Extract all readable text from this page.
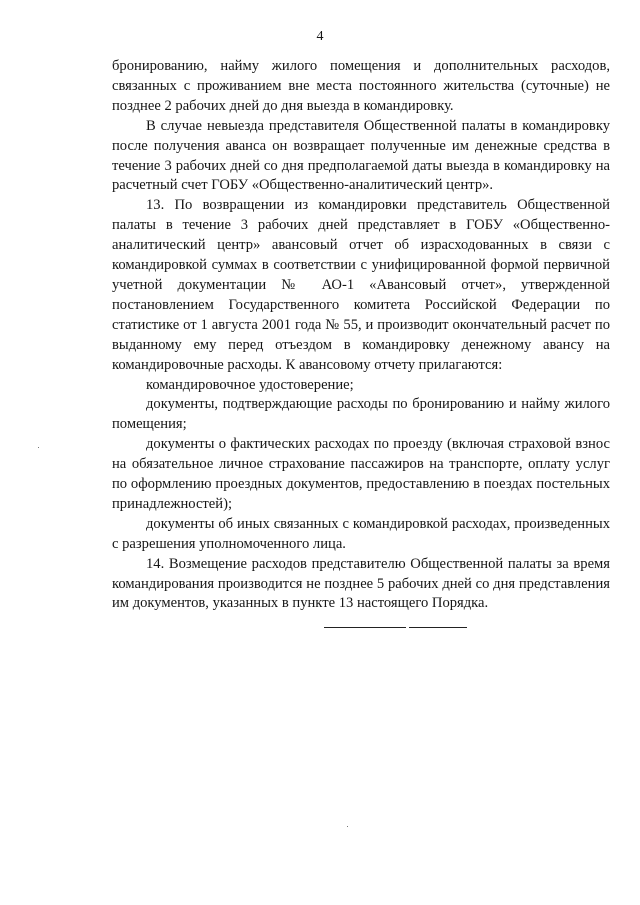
4

бронированию, найму жилого помещения и дополнительных расходов, связанных с проживанием вне места постоянного жительства (суточные) не позднее 2 рабочих дней до дня выезда в командировку.

В случае невыезда представителя Общественной палаты в командировку после получения аванса он возвращает полученные им денежные средства в течение 3 рабочих дней со дня предполагаемой даты выезда в командировку на расчетный счет ГОБУ «Общественно-аналитический центр».

13. По возвращении из командировки представитель Общественной палаты в течение 3 рабочих дней представляет в ГОБУ «Общественно-аналитический центр» авансовый отчет об израсходованных в связи с командировкой суммах в соответствии с унифицированной формой первичной учетной документации № АО-1 «Авансовый отчет», утвержденной постановлением Государственного комитета Российской Федерации по статистике от 1 августа 2001 года № 55, и производит окончательный расчет по выданному ему перед отъездом в командировку денежному авансу на командировочные расходы. К авансовому отчету прилагаются:

командировочное удостоверение;

документы, подтверждающие расходы по бронированию и найму жилого помещения;

документы о фактических расходах по проезду (включая страховой взнос на обязательное личное страхование пассажиров на транспорте, оплату услуг по оформлению проездных документов, предоставлению в поездах постельных принадлежностей);

документы об иных связанных с командировкой расходах, произведенных с разрешения уполномоченного лица.

14. Возмещение расходов представителю Общественной палаты за время командирования производится не позднее 5 рабочих дней со дня представления им документов, указанных в пункте 13 настоящего Порядка.
